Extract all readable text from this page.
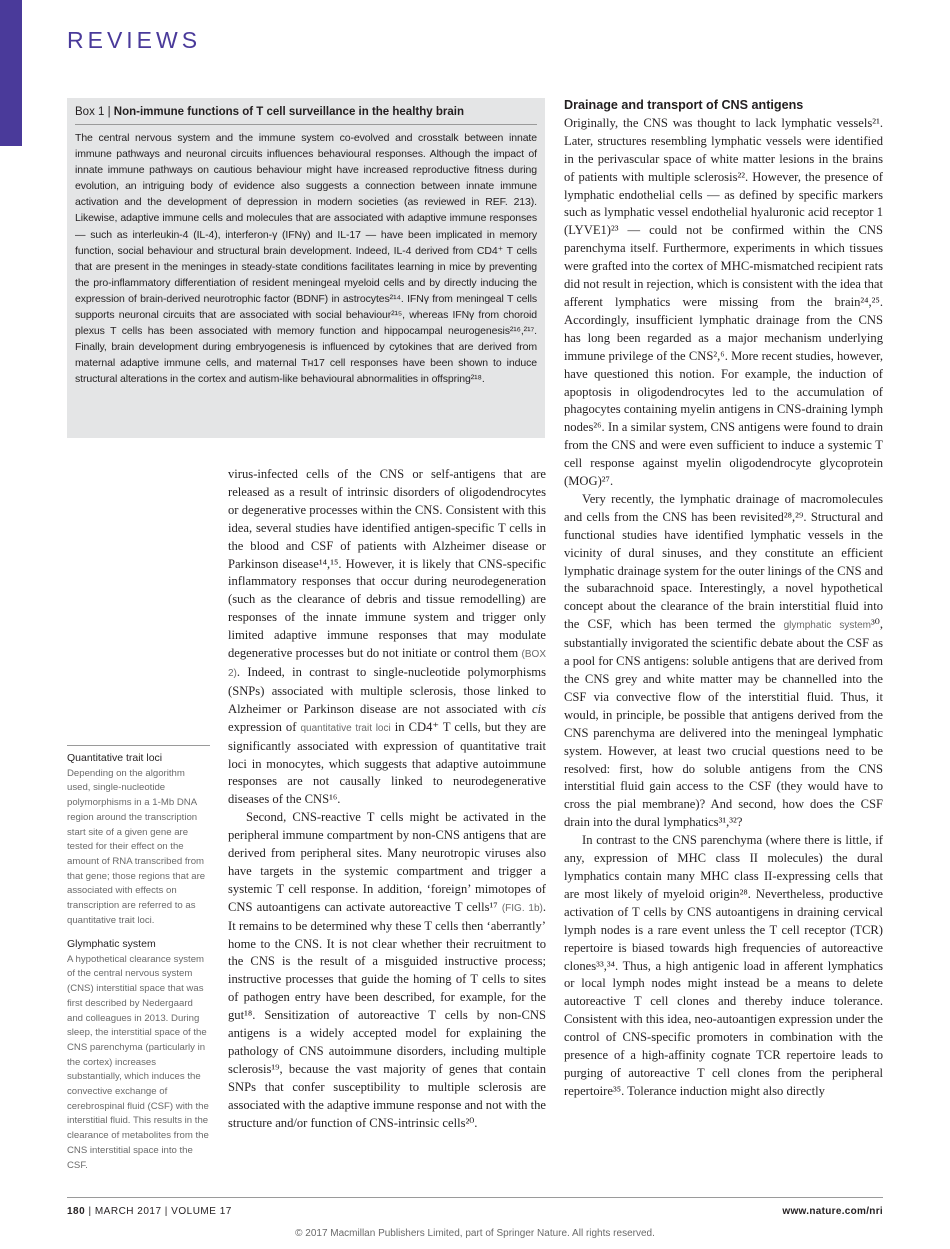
REVIEWS
Box 1 | Non-immune functions of T cell surveillance in the healthy brain

The central nervous system and the immune system co-evolved and crosstalk between innate immune pathways and neuronal circuits influences behavioural responses. Although the impact of innate immune pathways on cautious behaviour might have increased reproductive fitness during evolution, an intriguing body of evidence also suggests a connection between innate immune activation and the development of depression in modern societies (as reviewed in REF. 213). Likewise, adaptive immune cells and molecules that are associated with adaptive immune responses — such as interleukin-4 (IL-4), interferon-γ (IFNγ) and IL-17 — have been implicated in memory function, social behaviour and structural brain development. Indeed, IL-4 derived from CD4⁺ T cells that are present in the meninges in steady-state conditions facilitates learning in mice by preventing the pro-inflammatory differentiation of resident meningeal myeloid cells and by directly inducing the expression of brain-derived neurotrophic factor (BDNF) in astrocytes²¹⁴. IFNγ from meningeal T cells supports neuronal circuits that are associated with social behaviour²¹⁵, whereas IFNγ from choroid plexus T cells has been associated with memory function and hippocampal neurogenesis²¹⁶,²¹⁷. Finally, brain development during embryogenesis is influenced by cytokines that are derived from maternal adaptive immune cells, and maternal Tн17 cell responses have been shown to induce structural alterations in the cortex and autism-like behavioural abnormalities in offspring²¹⁸.

virus-infected cells of the CNS or self-antigens that are released as a result of intrinsic disorders of oligodendrocytes or degenerative processes within the CNS. Consistent with this idea, several studies have identified antigen-specific T cells in the blood and CSF of patients with Alzheimer disease or Parkinson disease¹⁴,¹⁵. However, it is likely that CNS-specific inflammatory responses that occur during neurodegeneration (such as the clearance of debris and tissue remodelling) are responses of the innate immune system and trigger only limited adaptive immune responses that may modulate degenerative processes but do not initiate or control them (BOX 2). Indeed, in contrast to single-nucleotide polymorphisms (SNPs) associated with multiple sclerosis, those linked to Alzheimer or Parkinson disease are not associated with cis expression of quantitative trait loci in CD4⁺ T cells, but they are significantly associated with expression of quantitative trait loci in monocytes, which suggests that adaptive autoimmune responses are not causally linked to neurodegenerative diseases of the CNS¹⁶.

Second, CNS-reactive T cells might be activated in the peripheral immune compartment by non-CNS antigens that are derived from peripheral sites. Many neurotropic viruses also have targets in the systemic compartment and trigger a systemic T cell response. In addition, ‘foreign’ mimotopes of CNS autoantigens can activate autoreactive T cells¹⁷ (FIG. 1b). It remains to be determined why these T cells then ‘aberrantly’ home to the CNS. It is not clear whether their recruitment to the CNS is the result of a misguided instructive process; instructive processes that guide the homing of T cells to sites of pathogen entry have been described, for example, for the gut¹⁸. Sensitization of autoreactive T cells by non-CNS antigens is a widely accepted model for explaining the pathology of CNS autoimmune disorders, including multiple sclerosis¹⁹, because the vast majority of genes that contain SNPs that confer susceptibility to multiple sclerosis are associated with the adaptive immune response and not with the structure and/or function of CNS-intrinsic cells²⁰.

Drainage and transport of CNS antigens

Originally, the CNS was thought to lack lymphatic vessels²¹. Later, structures resembling lymphatic vessels were identified in the perivascular space of white matter lesions in the brains of patients with multiple sclerosis²². However, the presence of lymphatic endothelial cells — as defined by specific markers such as lymphatic vessel endothelial hyaluronic acid receptor 1 (LYVE1)²³ — could not be confirmed within the CNS parenchyma itself. Furthermore, experiments in which tissues were grafted into the cortex of MHC-mismatched recipient rats did not result in rejection, which is consistent with the idea that afferent lymphatics were missing from the brain²⁴,²⁵. Accordingly, insufficient lymphatic drainage from the CNS has long been regarded as a major mechanism underlying immune privilege of the CNS²,⁶. More recent studies, however, have questioned this notion. For example, the induction of apoptosis in oligodendrocytes led to the accumulation of phagocytes containing myelin antigens in CNS-draining lymph nodes²⁶. In a similar system, CNS antigens were found to drain from the CNS and were even sufficient to induce a systemic T cell response against myelin oligodendrocyte glycoprotein (MOG)²⁷.

Very recently, the lymphatic drainage of macromolecules and cells from the CNS has been revisited²⁸,²⁹. Structural and functional studies have identified lymphatic vessels in the vicinity of dural sinuses, and they constitute an efficient lymphatic drainage system for the outer linings of the CNS and the subarachnoid space. Interestingly, a novel hypothetical concept about the clearance of the brain interstitial fluid into the CSF, which has been termed the glymphatic system³⁰, substantially invigorated the scientific debate about the CSF as a pool for CNS antigens: soluble antigens that are derived from the CNS grey and white matter may be channelled into the CSF via convective flow of the interstitial fluid. Thus, it would, in principle, be possible that antigens derived from the CNS parenchyma are delivered into the meningeal lymphatic system. However, at least two crucial questions need to be resolved: first, how do soluble antigens from the CNS interstitial fluid gain access to the CSF (they would have to cross the pial membrane)? And second, how does the CSF drain into the dural lymphatics³¹,³²?

In contrast to the CNS parenchyma (where there is little, if any, expression of MHC class II molecules) the dural lymphatics contain many MHC class II-expressing cells that are most likely of myeloid origin²⁸. Nevertheless, productive activation of T cells by CNS autoantigens in draining cervical lymph nodes is a rare event unless the T cell receptor (TCR) repertoire is biased towards high frequencies of autoreactive clones³³,³⁴. Thus, a high antigenic load in afferent lymphatics or local lymph nodes might instead be a means to delete autoreactive T cell clones and thereby induce tolerance. Consistent with this idea, neo-autoantigen expression under the control of CNS-specific promoters in combination with the presence of a high-affinity cognate TCR repertoire leads to purging of autoreactive T cell clones from the peripheral repertoire³⁵. Tolerance induction might also directly

Quantitative trait loci
Depending on the algorithm used, single-nucleotide polymorphisms in a 1-Mb DNA region around the transcription start site of a given gene are tested for their effect on the amount of RNA transcribed from that gene; those regions that are associated with effects on transcription are referred to as quantitative trait loci.
Glymphatic system
A hypothetical clearance system of the central nervous system (CNS) interstitial space that was first described by Nedergaard and colleagues in 2013. During sleep, the interstitial space of the CNS parenchyma (particularly in the cortex) increases substantially, which induces the convective exchange of cerebrospinal fluid (CSF) with the interstitial fluid. This results in the clearance of metabolites from the CNS interstitial space into the CSF.
180 | MARCH 2017 | VOLUME 17	www.nature.com/nri
© 2017 Macmillan Publishers Limited, part of Springer Nature. All rights reserved.
